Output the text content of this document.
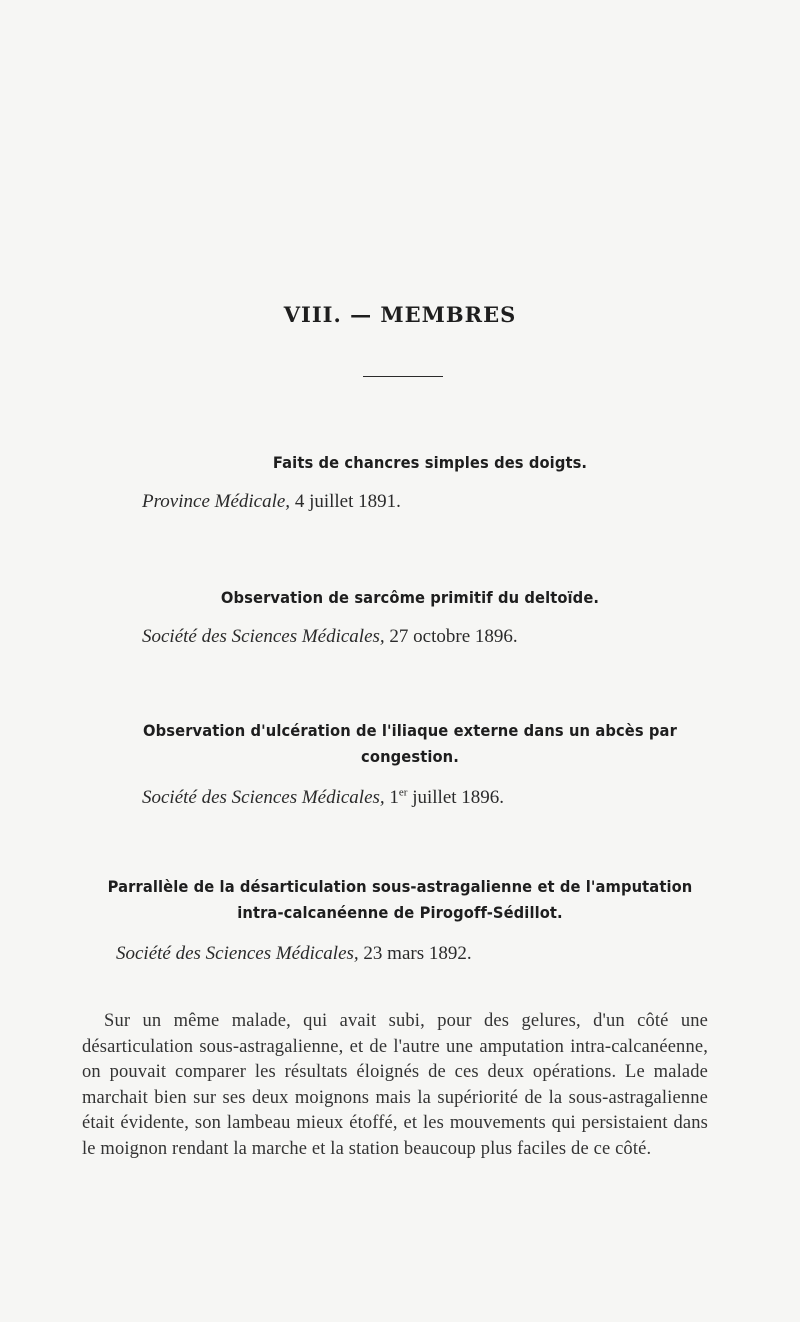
VIII. — MEMBRES
Faits de chancres simples des doigts.
Province Médicale, 4 juillet 1891.
Observation de sarcôme primitif du deltoïde.
Société des Sciences Médicales, 27 octobre 1896.
Observation d'ulcération de l'iliaque externe dans un abcès par
congestion.
Société des Sciences Médicales, 1er juillet 1896.
Parrallèle de la désarticulation sous-astragalienne et de l'amputation
intra-calcanéenne de Pirogoff-Sédillot.
Société des Sciences Médicales, 23 mars 1892.

Sur un même malade, qui avait subi, pour des gelures, d'un côté une désarticulation sous-astragalienne, et de l'autre une amputation intra-calcanéenne, on pouvait comparer les résultats éloignés de ces deux opérations. Le malade marchait bien sur ses deux moignons mais la supériorité de la sous-astragalienne était évidente, son lambeau mieux étoffé, et les mouvements qui persistaient dans le moignon rendant la marche et la station beaucoup plus faciles de ce côté.
